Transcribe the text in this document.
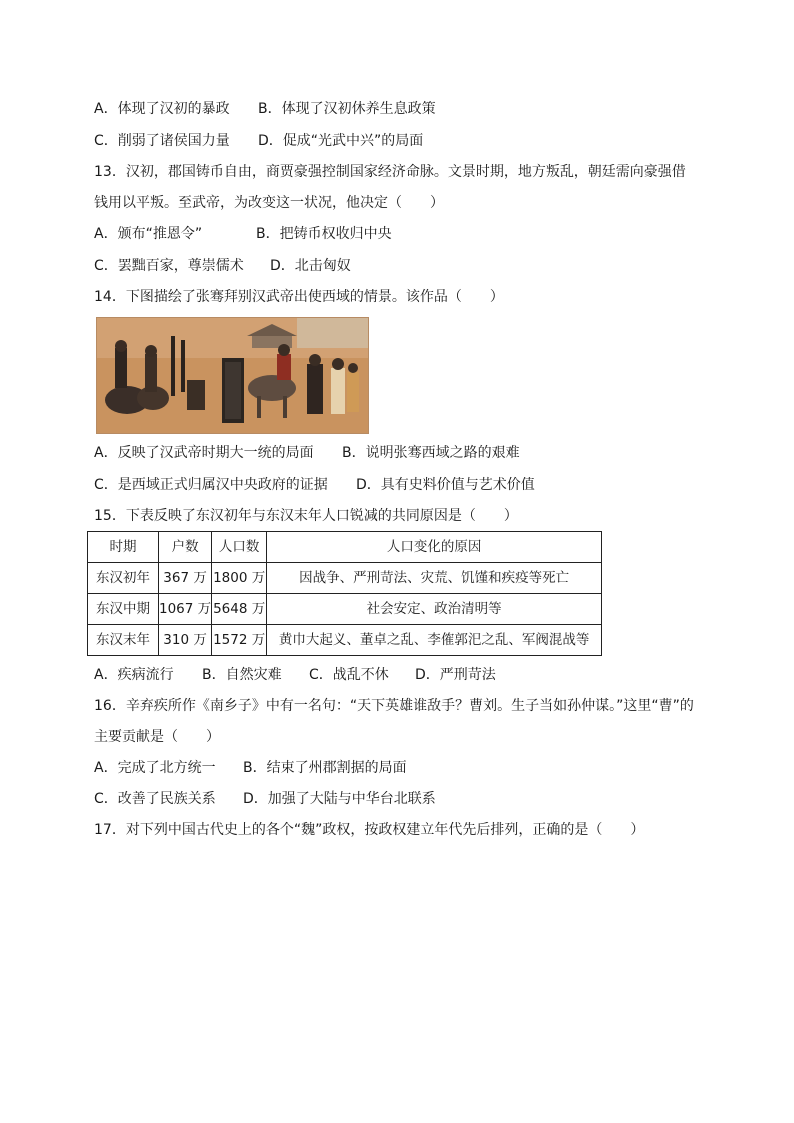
A．体现了汉初的暴政 B．体现了汉初休养生息政策
C．削弱了诸侯国力量 D．促成“光武中兴”的局面
13．汉初，郡国铸币自由，商贾豪强控制国家经济命脉。文景时期，地方叛乱，朝廷需向豪强借
钱用以平叛。至武帝，为改变这一状况，他决定（　　）
A．颁布“推恩令”	B．把铸币权收归中央
C．罢黜百家，尊崇儒术 D．北击匈奴
14．下图描绘了张骞拜别汉武帝出使西域的情景。该作品（　　）
A．反映了汉武帝时期大一统的局面 B．说明张骞西域之路的艰难
C．是西域正式归属汉中央政府的证据 D．具有史料价值与艺术价值
15．下表反映了东汉初年与东汉末年人口锐减的共同原因是（　　）
时期	户数	人口数	人口变化的原因
东汉初年	367 万	1800 万	因战争、严刑苛法、灾荒、饥馑和疾疫等死亡
东汉中期	1067 万	5648 万	社会安定、政治清明等
东汉末年	310 万	1572 万	黄巾大起义、董卓之乱、李傕郭汜之乱、军阀混战等
A．疾病流行 B．自然灾难 C．战乱不休 D．严刑苛法
16．辛弃疾所作《南乡子》中有一名句：“天下英雄谁敌手？曹刘。生子当如孙仲谋。”这里“曹”的
主要贡献是（　　）
A．完成了北方统一 B．结束了州郡割据的局面
C．改善了民族关系 D．加强了大陆与中华台北联系
17．对下列中国古代史上的各个“魏”政权，按政权建立年代先后排列，正确的是（　　）
